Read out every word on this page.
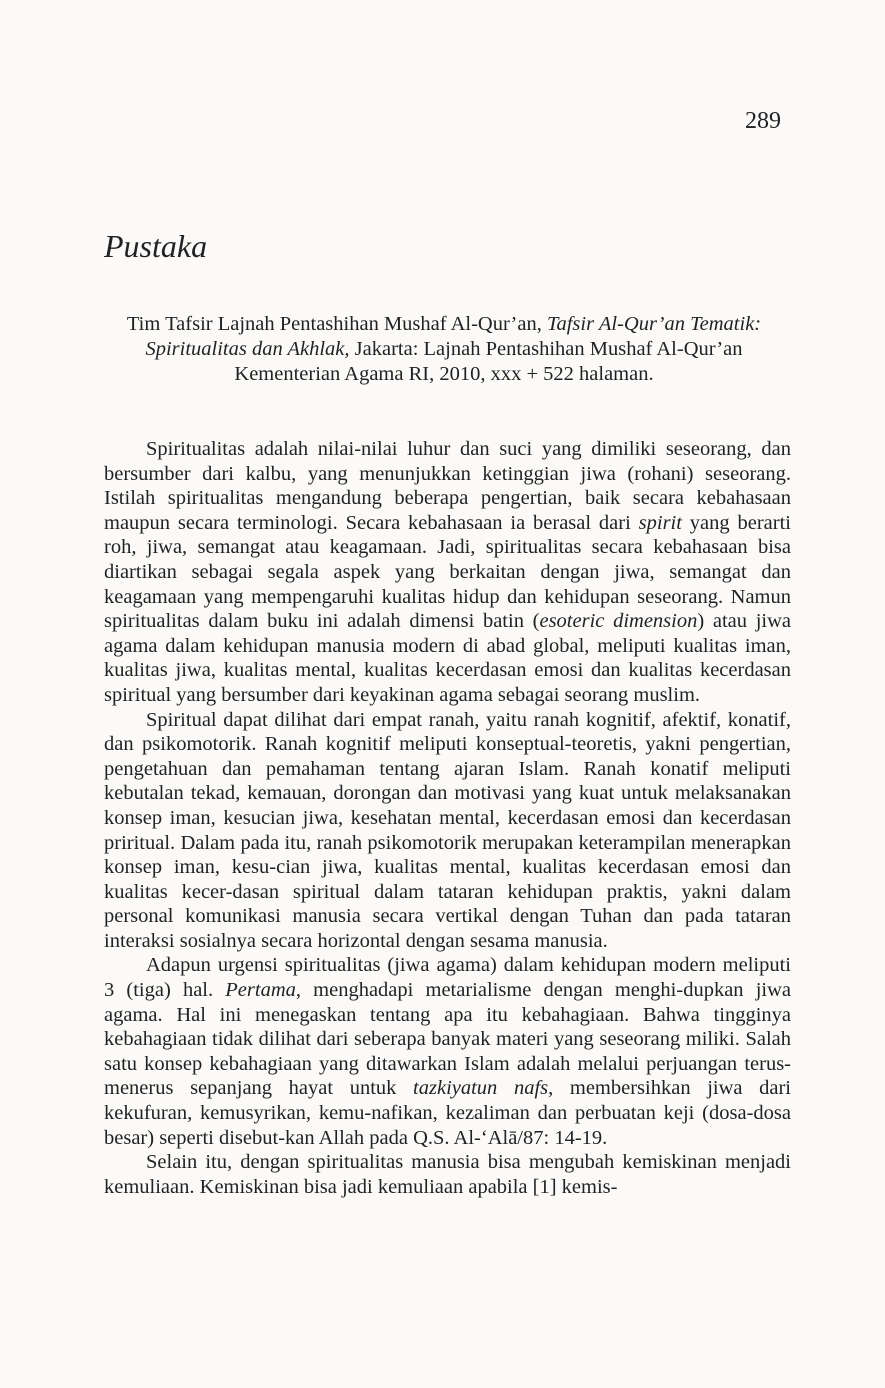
289
Pustaka

Tim Tafsir Lajnah Pentashihan Mushaf Al-Qur’an, Tafsir Al-Qur’an Tematik: Spiritualitas dan Akhlak, Jakarta: Lajnah Pentashihan Mushaf Al-Qur’an Kementerian Agama RI, 2010, xxx + 522 halaman.

Spiritualitas adalah nilai-nilai luhur dan suci yang dimiliki seseorang, dan bersumber dari kalbu, yang menunjukkan ketinggian jiwa (rohani) seseorang. Istilah spiritualitas mengandung beberapa pengertian, baik secara kebahasaan maupun secara terminologi. Secara kebahasaan ia berasal dari spirit yang berarti roh, jiwa, semangat atau keagamaan. Jadi, spiritualitas secara kebahasaan bisa diartikan sebagai segala aspek yang berkaitan dengan jiwa, semangat dan keagamaan yang mempengaruhi kualitas hidup dan kehidupan seseorang. Namun spiritualitas dalam buku ini adalah dimensi batin (esoteric dimension) atau jiwa agama dalam kehidupan manusia modern di abad global, meliputi kualitas iman, kualitas jiwa, kualitas mental, kualitas kecerdasan emosi dan kualitas kecerdasan spiritual yang bersumber dari keyakinan agama sebagai seorang muslim.

Spiritual dapat dilihat dari empat ranah, yaitu ranah kognitif, afektif, konatif, dan psikomotorik. Ranah kognitif meliputi konseptual-teoretis, yakni pengertian, pengetahuan dan pemahaman tentang ajaran Islam. Ranah konatif meliputi kebutalan tekad, kemauan, dorongan dan motivasi yang kuat untuk melaksanakan konsep iman, kesucian jiwa, kesehatan mental, kecerdasan emosi dan kecerdasan priritual. Dalam pada itu, ranah psikomotorik merupakan keterampilan menerapkan konsep iman, kesu-cian jiwa, kualitas mental, kualitas kecerdasan emosi dan kualitas kecer-dasan spiritual dalam tataran kehidupan praktis, yakni dalam personal komunikasi manusia secara vertikal dengan Tuhan dan pada tataran interaksi sosialnya secara horizontal dengan sesama manusia.

Adapun urgensi spiritualitas (jiwa agama) dalam kehidupan modern meliputi 3 (tiga) hal. Pertama, menghadapi metarialisme dengan menghi-dupkan jiwa agama. Hal ini menegaskan tentang apa itu kebahagiaan. Bahwa tingginya kebahagiaan tidak dilihat dari seberapa banyak materi yang seseorang miliki. Salah satu konsep kebahagiaan yang ditawarkan Islam adalah melalui perjuangan terus-menerus sepanjang hayat untuk tazkiyatun nafs, membersihkan jiwa dari kekufuran, kemusyrikan, kemu-nafikan, kezaliman dan perbuatan keji (dosa-dosa besar) seperti disebut-kan Allah pada Q.S. Al-‘Alā/87: 14-19.

Selain itu, dengan spiritualitas manusia bisa mengubah kemiskinan menjadi kemuliaan. Kemiskinan bisa jadi kemuliaan apabila [1] kemis-
